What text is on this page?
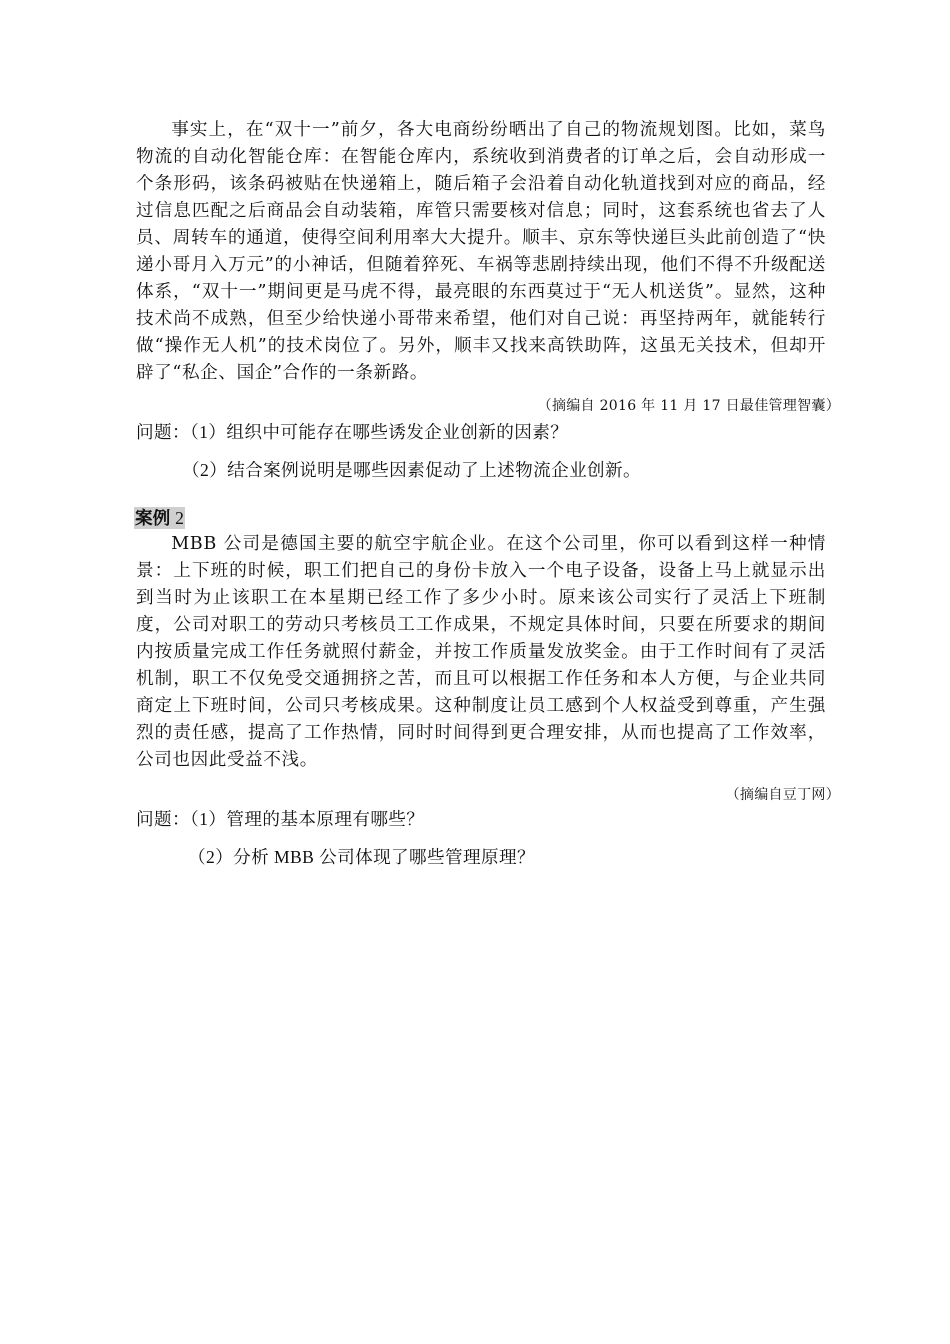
事实上，在“双十一”前夕，各大电商纷纷晒出了自己的物流规划图。比如，菜鸟物流的自动化智能仓库：在智能仓库内，系统收到消费者的订单之后，会自动形成一个条形码，该条码被贴在快递箱上，随后箱子会沿着自动化轨道找到对应的商品，经过信息匹配之后商品会自动装箱，库管只需要核对信息；同时，这套系统也省去了人员、周转车的通道，使得空间利用率大大提升。顺丰、京东等快递巨头此前创造了“快递小哥月入万元”的小神话，但随着猝死、车祸等悲剧持续出现，他们不得不升级配送体系，“双十一”期间更是马虎不得，最亮眼的东西莫过于“无人机送货”。显然，这种技术尚不成熟，但至少给快递小哥带来希望，他们对自己说：再坚持两年，就能转行做“操作无人机”的技术岗位了。另外，顺丰又找来高铁助阵，这虽无关技术，但却开辟了“私企、国企”合作的一条新路。

（摘编自 2016 年 11 月 17 日最佳管理智囊）
问题：（1）组织中可能存在哪些诱发企业创新的因素？
（2）结合案例说明是哪些因素促动了上述物流企业创新。
案例 2

MBB 公司是德国主要的航空宇航企业。在这个公司里，你可以看到这样一种情景：上下班的时候，职工们把自己的身份卡放入一个电子设备，设备上马上就显示出到当时为止该职工在本星期已经工作了多少小时。原来该公司实行了灵活上下班制度，公司对职工的劳动只考核员工工作成果，不规定具体时间，只要在所要求的期间内按质量完成工作任务就照付薪金，并按工作质量发放奖金。由于工作时间有了灵活机制，职工不仅免受交通拥挤之苦，而且可以根据工作任务和本人方便，与企业共同商定上下班时间，公司只考核成果。这种制度让员工感到个人权益受到尊重，产生强烈的责任感，提高了工作热情，同时时间得到更合理安排，从而也提高了工作效率，公司也因此受益不浅。

（摘编自豆丁网）
问题：（1）管理的基本原理有哪些？
（2）分析 MBB 公司体现了哪些管理原理？
